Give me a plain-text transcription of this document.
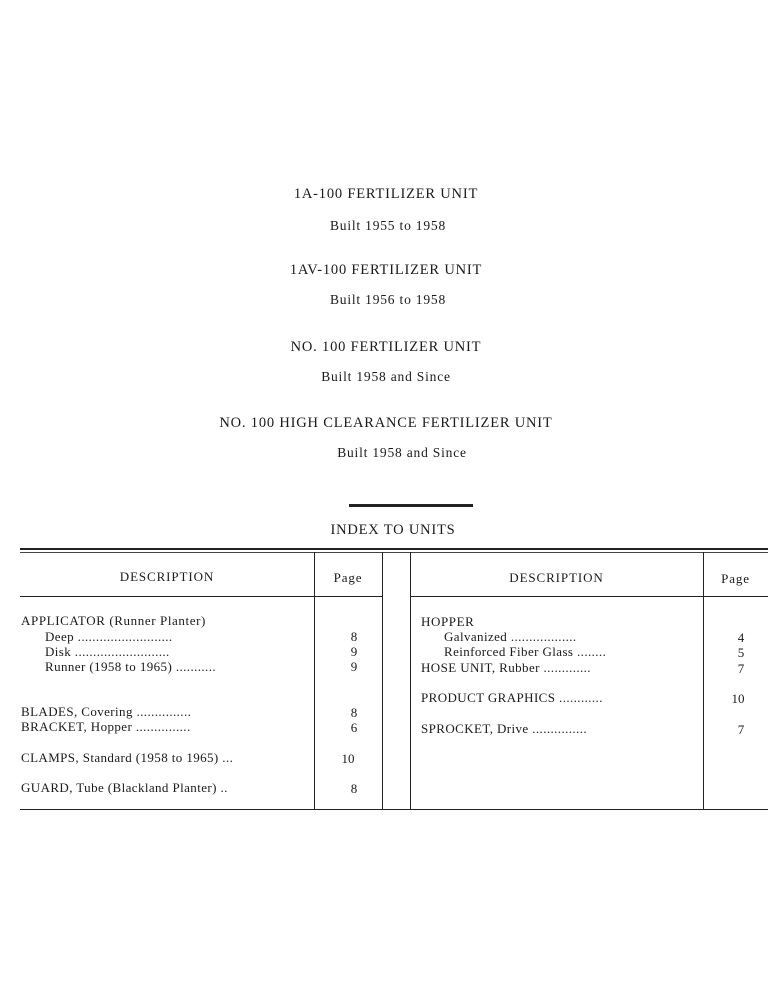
1A-100 FERTILIZER UNIT
Built 1955 to 1958
1AV-100 FERTILIZER UNIT
Built 1956 to 1958
NO. 100 FERTILIZER UNIT
Built 1958 and Since
NO. 100 HIGH CLEARANCE FERTILIZER UNIT
Built 1958 and Since
INDEX TO UNITS
DESCRIPTION	Page	DESCRIPTION	Page
APPLICATOR (Runner Planter)
Deep ..........................	8
Disk ..........................	9
Runner (1958 to 1965) ...........	9
BLADES, Covering ...............	8
BRACKET, Hopper ...............	6
CLAMPS, Standard (1958 to 1965) ...	10
GUARD, Tube (Blackland Planter) ..	8
HOPPER
Galvanized ..................	4
Reinforced Fiber Glass ........	5
HOSE UNIT, Rubber .............	7
PRODUCT GRAPHICS ............	10
SPROCKET, Drive ...............	7
